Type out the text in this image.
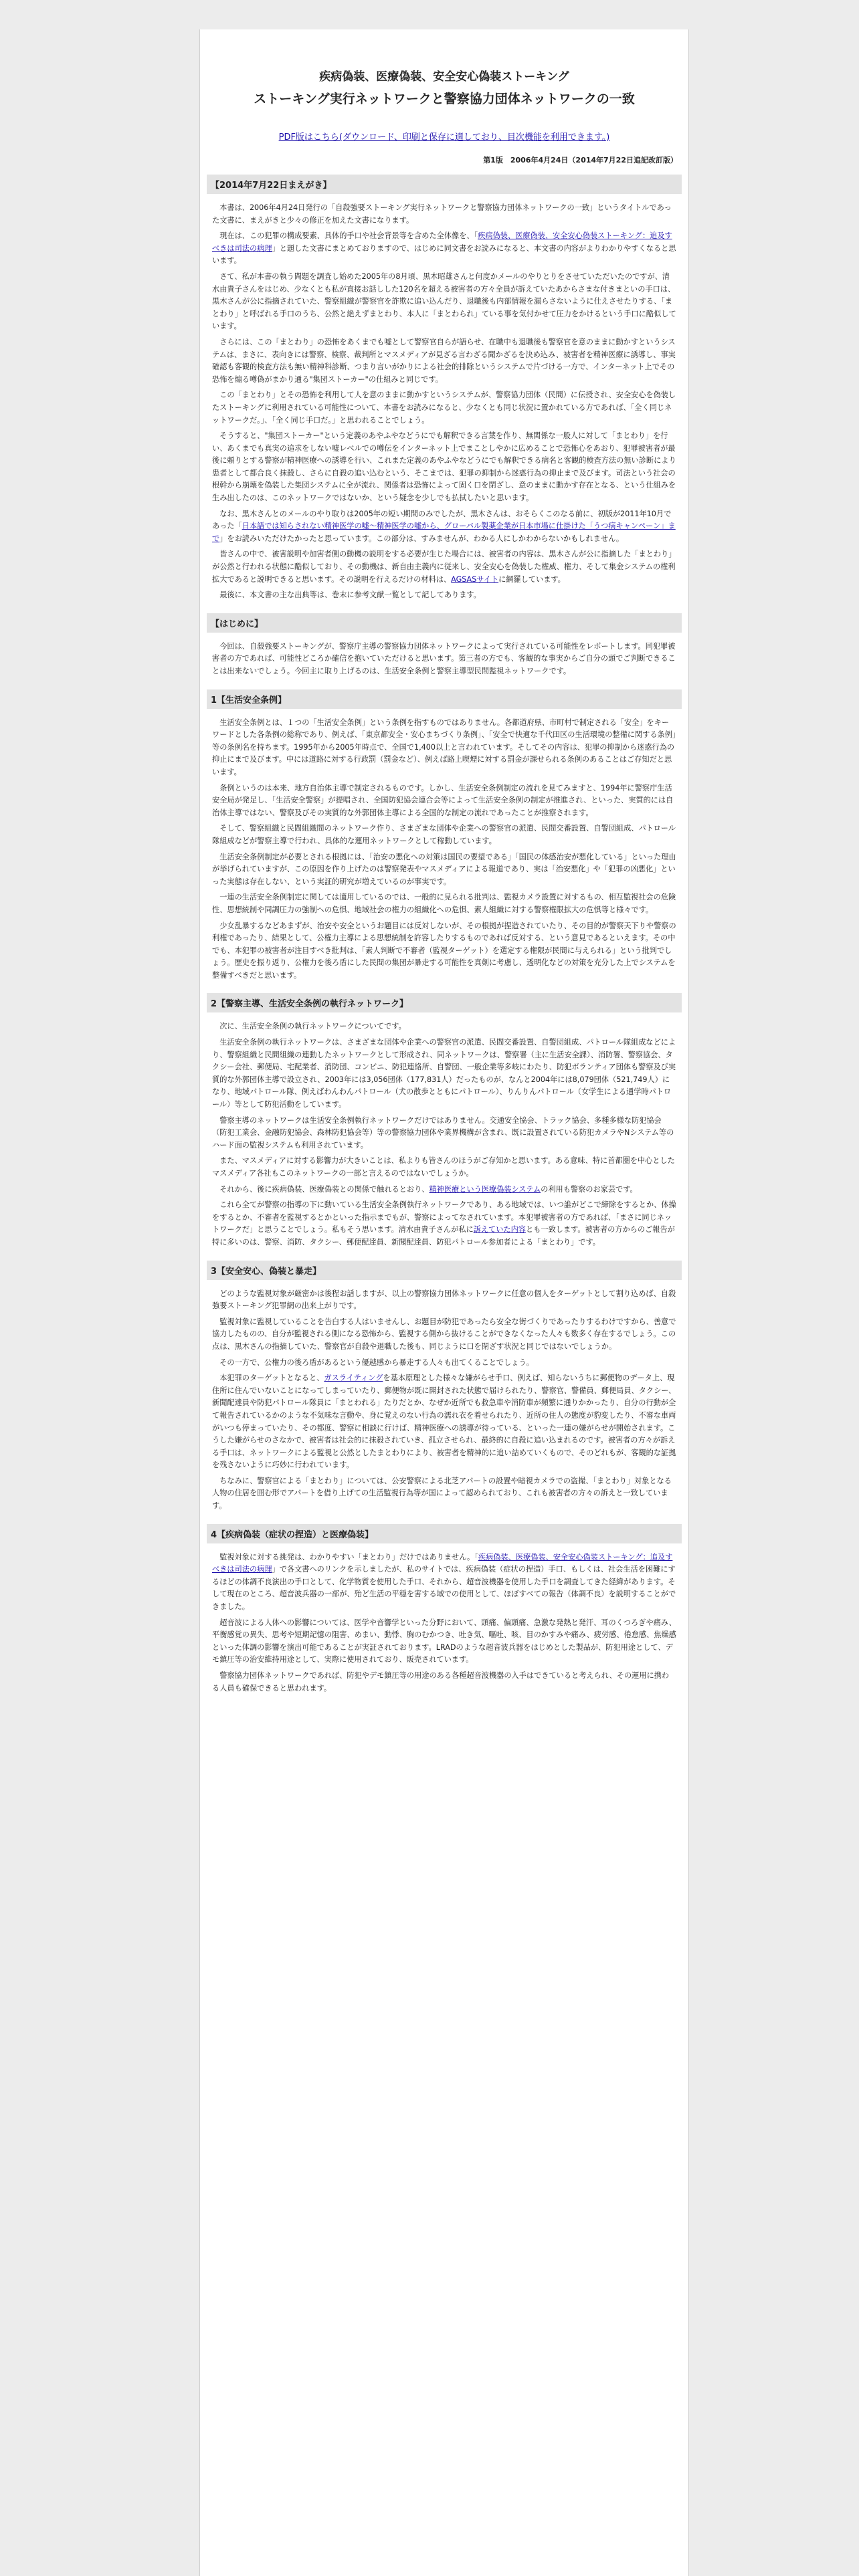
疾病偽装、医療偽装、安全安心偽装ストーキング
ストーキング実行ネットワークと警察協力団体ネットワークの一致
PDF版はこちら(ダウンロード、印刷と保存に適しており、目次機能を利用できます。)
第1版　2006年4月24日（2014年7月22日追記改訂版）
【2014年7月22日まえがき】

本書は、2006年4月24日発行の「自殺強要ストーキング実行ネットワークと警察協力団体ネットワークの一致」というタイトルであった文書に、まえがきと少々の修正を加えた文書になります。

現在は、この犯罪の構成要素、具体的手口や社会背景等を含めた全体像を、「疾病偽装、医療偽装、安全安心偽装ストーキング：追及すべきは司法の病理」と題した文書にまとめておりますので、はじめに同文書をお読みになると、本文書の内容がよりわかりやすくなると思います。

さて、私が本書の執う問題を調査し始めた2005年の8月頃、黒木昭雄さんと何度かメールのやりとりをさせていただいたのですが、清水由貴子さんをはじめ、少なくとも私が直接お話しした120名を超える被害者の方々全員が訴えていたあからさまな付きまといの手口は、黒木さんが公に指摘されていた、警察組織が警察官を詐欺に追い込んだり、退職後も内部情報を漏らさないように仕えさせたりする、「まとわり」と呼ばれる手口のうち、公然と絶えずまとわり、本人に「まとわられ」ている事を気付かせて圧力をかけるという手口に酷似しています。

さらには、この「まとわり」の恐怖をあくまでも嘘として警察官自らが語らせ、在職中も退職後も警察官を意のままに動かすというシステムは、まさに、表向きには警察、検察、裁判所とマスメディアが見ざる言わざる聞かざるを決め込み、被害者を精神医療に誘導し、事実確認も客観的検査方法も無い精神科診断、つまり言いがかりによる社会的排除というシステムで片づける一方で、インターネット上でその恐怖を煽る噂偽がまかり通る"集団ストーカー"の仕組みと同じです。

この「まとわり」とその恐怖を利用して人を意のままに動かすというシステムが、警察協力団体（民間）に伝授され、安全安心を偽装したストーキングに利用されている可能性について、本書をお読みになると、少なくとも同じ状況に置かれている方であれば、「全く同じネットワークだ。」、「全く同じ手口だ。」と思われることでしょう。

そうすると、"集団ストーカー"という定義のあやふやなどうにでも解釈できる言葉を作り、無関係な一般人に対して「まとわり」を行い、あくまでも真実の追求をしない嘘レベルでの噂伝をインターネット上でまことしやかに広めることで恐怖心をあおり、犯罪被害者が最後に頼りとする警察が精神医療への誘導を行い、これまた定義のあやふやなどうにでも解釈できる病名と客観的検査方法の無い診断により患者として都合良く抹殺し、さらに自殺の追い込むという、そこまでは、犯罪の抑制から迷惑行為の抑止まで及びます。司法という社会の根幹から崩壊を偽装した集団システムに全が流れ、関係者は恐怖によって固く口を閉ざし、意のままに動かす存在となる、という仕組みを生み出したのは、このネットワークではないか、という疑念を少しでも払拭したいと思います。

なお、黒木さんとのメールのやり取りは2005年の短い期間のみでしたが、黒木さんは、おそらくこのなる前に、初版が2011年10月であった「日本語では知らされない精神医学の嘘～精神医学の嘘から、グローバル製薬企業が日本市場に仕掛けた「うつ病キャンペーン」まで」をお読みいただけたかったと思っています。この部分は、すみませんが、わかる人にしかわからないかもしれません。

皆さんの中で、被害説明や加害者側の動機の説明をする必要が生じた場合には、被害者の内容は、黒木さんが公に指摘した「まとわり」が公然と行われる状態に酷似しており、その動機は、新自由主義内に従来し、安全安心を偽装した権威、権力、そして集金システムの権利拡大であると説明できると思います。その説明を行えるだけの材料は、AGSASサイトに網羅しています。

最後に、本文書の主な出典等は、巻末に参考文献一覧として記してあります。

【はじめに】

今回は、自殺強要ストーキングが、警察庁主導の警察協力団体ネットワークによって実行されている可能性をレポートします。同犯罪被害者の方であれば、可能性どころか確信を抱いていただけると思います。第三者の方でも、客観的な事実からご自分の頭でご判断できることは出来ないでしょう。今回主に取り上げるのは、生活安全条例と警察主導型民間監視ネットワークです。

1【生活安全条例】

生活安全条例とは、１つの「生活安全条例」という条例を指すものではありません。各都道府県、市町村で制定される「安全」をキーワードとした各条例の総称であり、例えば、「東京都安全・安心まちづくり条例」、「安全で快適な千代田区の生活環境の整備に関する条例」等の条例名を持ちます。1995年から2005年時点で、全国で1,400以上と言われています。そしてその内容は、犯罪の抑制から迷惑行為の抑止にまで及びます。中には道路に対する行政罰（罰金など）、例えば路上喫煙に対する罰金が課せられる条例のあることはご存知だと思います。

条例というのは本来、地方自治体主導で制定されるものです。しかし、生活安全条例制定の流れを見てみますと、1994年に警察庁生活安全局が発足し、「生活安全警察」が提唱され、全国防犯協会連合会等によって生活安全条例の制定が推進され、といった、実質的には自治体主導ではない、警察及びその実質的な外郭団体主導による全国的な制定の流れであったことが推察されます。

そして、警察組織と民間組織間のネットワーク作り、さまざまな団体や企業への警察官の派遣、民間交番設置、自警団組成、パトロール隊組成などが警察主導で行われ、具体的な運用ネットワークとして稼動しています。

生活安全条例制定が必要とされる根拠には、「治安の悪化への対策は国民の要望である」「国民の体感治安が悪化している」といった理由が挙げられていますが、この原因を作り上げたのは警察発表やマスメディアによる報道であり、実は「治安悪化」や「犯罪の凶悪化」といった実態は存在しない、という実証的研究が増えているのが事実です。

一連の生活安全条例制定に関しては適用しているのでは、一般的に見られる批判は、監視カメラ設置に対するもの、相互監視社会の危険性、思想統制や同調圧力の強制への危惧、地域社会の権力の組織化への危惧、素人組織に対する警察権限拡大の危惧等と様々です。

少女乱暴するなどあまずが、治安や安全というお題目には反対しないが、その根拠が捏造されていたり、その目的が警察天下りや警察の利権であったり、結果として、公権力主導による思想統制を許容したりするものであれば反対する、という意見であるといえます。その中でも、本犯罪の被害者が注目すべき批判は、「素人判断で不審者（監視ターゲット）を選定する権限が民間に与えられる」という批判でしょう。歴史を振り返り、公権力を後ろ盾にした民間の集団が暴走する可能性を真剣に考慮し、透明化などの対策を充分した上でシステムを整備すべきだと思います。

2【警察主導、生活安全条例の執行ネットワーク】

次に、生活安全条例の執行ネットワークについてです。

生活安全条例の執行ネットワークは、さまざまな団体や企業への警察官の派遣、民間交番設置、自警団組成、パトロール隊組成などにより、警察組織と民間組織の連動したネットワークとして形成され、同ネットワークは、警察署（主に生活安全課）、消防署、警察協会、タクシー会社、郵便局、宅配業者、消防団、コンビニ、防犯連絡所、自警団、一般企業等多岐にわたり、防犯ボランティア団体も警察及び実質的な外郭団体主導で設立され、2003年には3,056団体（177,831人）だったものが、なんと2004年には8,079団体（521,749人）になり、地域パトロール隊、例えばわんわんパトロール（犬の散歩とともにパトロール）、りんりんパトロール（女学生による通学時パトロール）等として防犯活動をしています。

警察主導のネットワークは生活安全条例執行ネットワークだけではありません。交通安全協会、トラック協会、多種多様な防犯協会（防犯工業会、金融防犯協会、森林防犯協会等）等の警察協力団体や業界機構が含まれ、既に設置されている防犯カメラやNシステム等のハード面の監視システムも利用されています。

また、マスメディアに対する影響力が大きいことは、私よりも皆さんのほうがご存知かと思います。ある意味、特に首都圏を中心としたマスメディア各社もこのネットワークの一部と言えるのではないでしょうか。

それから、後に疾病偽装、医療偽装との関係で触れるとおり、精神医療という医療偽装システムの利用も警察のお家芸です。

これら全てが警察の指導の下に動いている生活安全条例執行ネットワークであり、ある地域では、いつ誰がどこで締除をするとか、体操をするとか、不審者を監視するとかといった指示までもが、警察によってなされています。本犯罪被害者の方であれば、「まさに同じネットワークだ」と思うことでしょう。私もそう思います。清水由貴子さんが私に訴えていた内容とも一致します。被害者の方からのご報告が特に多いのは、警察、消防、タクシー、郵便配達員、新聞配達員、防犯パトロール参加者による「まとわり」です。

3【安全安心、偽装と暴走】

どのような監視対象が厳密かは後程お話しますが、以上の警察協力団体ネットワークに任意の個人をターゲットとして割り込めば、自殺強要ストーキング犯罪網の出来上がりです。

監視対象に監視していることを告白する人はいませんし、お題目が防犯であったら安全な街づくりであったりするわけですから、善意で協力したものの、自分が監視される側になる恐怖から、監視する側から抜けることができなくなった人々も数多く存在するでしょう。この点は、黒木さんの指摘していた、警察官が自殺や退職した後も、同じように口を閉ざす状況と同じではないでしょうか。

その一方で、公権力の後ろ盾があるという優越感から暴走する人々も出てくることでしょう。

本犯罪のターゲットとなると、ガスライティングを基本原理とした様々な嫌がらせ手口、例えば、知らないうちに郵便物のデータ上、現住所に住んでいないことになってしまっていたり、郵便物が既に開封された状態で届けられたり、警察官、警備員、郵便局員、タクシー、新聞配達員や防犯パトロール隊員に「まとわれる」たりだとか、なぜか近所でも救急車や消防車が頻繁に通りかかったり、自分の行動が全て報告されているかのような不気味な言動や、身に覚えのない行為の濡れ衣を着せられたり、近所の住人の態度が豹変したり、不審な車両がいつも停まっていたり、その都度、警察に相談に行けば、精神医療への誘導が待っている、といった一連の嫌がらせが開始されます。こうした嫌がらせのさなかで、被害者は社会的に抹殺されていき、孤立させられ、最終的に自殺に追い込まれるのです。被害者の方々が訴える手口は、ネットワークによる監視と公然としたまとわりにより、被害者を精神的に追い詰めていくもので、そのどれもが、客観的な証拠を残さないように巧妙に行われています。

ちなみに、警察官による「まとわり」については、公安警察による北芝アパートの設置や暗視カメラでの盗撮、「まとわり」対象となる人物の住居を囲む形でアパートを借り上げての生活監視行為等が国によって認められており、これも被害者の方々の訴えと一致しています。

4【疾病偽装（症状の捏造）と医療偽装】

監視対象に対する挑発は、わかりやすい「まとわり」だけではありません。「疾病偽装、医療偽装、安全安心偽装ストーキング：追及すべきは司法の病理」で各文書へのリンクを示しましたが、私のサイトでは、疾病偽装（症状の捏造）手口、もしくは、社会生活を困難にするほどの体調不良演出の手口として、化学物質を使用した手口、それから、超音波機器を使用した手口を調査してきた経緯があります。そして現在のところ、超音波兵器の一部が、殆ど生活の平穏を害する域での使用として、ほぼすべての報告（体調不良）を説明することができました。

超音波による人体への影響については、医学や音響学といった分野において、頭痛、偏頭痛、急激な発熱と発汗、耳のくつろぎや痛み、平衡感覚の異失、思考や短期記憶の阻害、めまい、動悸、胸のむかつき、吐き気、嘔吐、咳、目のかすみや痛み、疲労感、倦怠感、焦燥感といった体調の影響を演出可能であることが実証されております。LRADのような超音波兵器をはじめとした製品が、防犯用途として、デモ鎮圧等の治安維持用途として、実際に使用されており、販売されています。

警察協力団体ネットワークであれば、防犯やデモ鎮圧等の用途のある各種超音波機器の入手はできていると考えられ、その運用に携わる人員も確保できると思われます。
